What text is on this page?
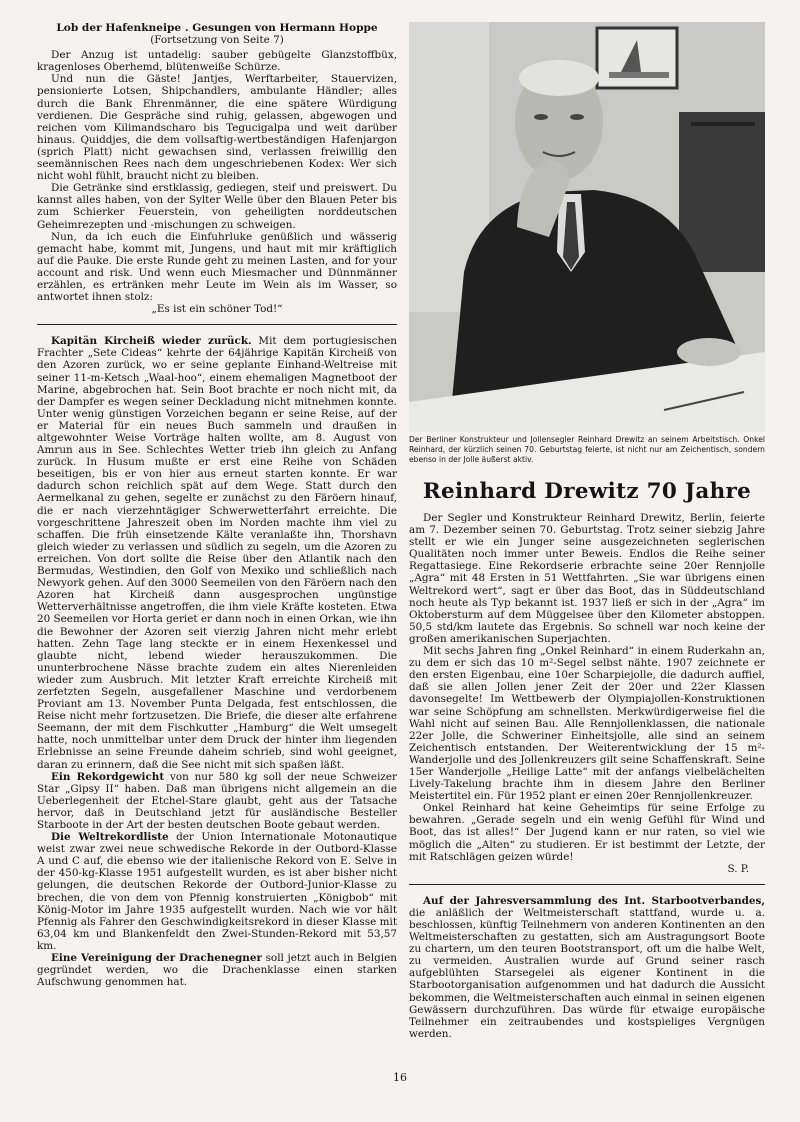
Lob der Hafenkneipe . Gesungen von Hermann Hoppe

(Fortsetzung von Seite 7)

Der Anzug ist untadelig: sauber gebügelte Glanzstoffbüx, kragenloses Oberhemd, blütenweiße Schürze.

Und nun die Gäste! Jantjes, Werftarbeiter, Stauervizen, pensionierte Lotsen, Shipchandlers, ambulante Händler; alles durch die Bank Ehrenmänner, die eine spätere Würdigung verdienen. Die Gespräche sind ruhig, gelassen, abgewogen und reichen vom Kilimandscharo bis Tegucigalpa und weit darüber hinaus. Quiddjes, die dem vollsaftig-wertbeständigen Hafenjargon (sprich Platt) nicht gewachsen sind, verlassen freiwillig den seemännischen Rees nach dem ungeschriebenen Kodex: Wer sich nicht wohl fühlt, braucht nicht zu bleiben.

Die Getränke sind erstklassig, gediegen, steif und preiswert. Du kannst alles haben, von der Sylter Welle über den Blauen Peter bis zum Schierker Feuerstein, von geheiligten norddeutschen Geheimrezepten und -mischungen zu schweigen.

Nun, da ich euch die Einfuhrluke genüßlich und wässerig gemacht habe, kommt mit, Jungens, und haut mit mir kräftiglich auf die Pauke. Die erste Runde geht zu meinen Lasten, and for your account and risk. Und wenn euch Miesmacher und Dünnmänner erzählen, es ertränken mehr Leute im Wein als im Wasser, so antwortet ihnen stolz:

„Es ist ein schöner Tod!“

Kapitän Kircheiß wieder zurück. Mit dem portugiesischen Frachter „Sete Cideas“ kehrte der 64jährige Kapitän Kircheiß von den Azoren zurück, wo er seine geplante Einhand-Weltreise mit seiner 11-m-Ketsch „Waal-hoo“, einem ehemaligen Magnetboot der Marine, abgebrochen hat. Sein Boot brachte er noch nicht mit, da der Dampfer es wegen seiner Deckladung nicht mitnehmen konnte. Unter wenig günstigen Vorzeichen begann er seine Reise, auf der er Material für ein neues Buch sammeln und draußen in altgewohnter Weise Vorträge halten wollte, am 8. August von Amrun aus in See. Schlechtes Wetter trieb ihn gleich zu Anfang zurück. In Husum mußte er erst eine Reihe von Schäden beseitigen, bis er von hier aus erneut starten konnte. Er war dadurch schon reichlich spät auf dem Wege. Statt durch den Aermelkanal zu gehen, segelte er zunächst zu den Färöern hinauf, die er nach vierzehntägiger Schwerwetterfahrt erreichte. Die vorgeschrittene Jahreszeit oben im Norden machte ihm viel zu schaffen. Die früh einsetzende Kälte veranlaßte ihn, Thorshavn gleich wieder zu verlassen und südlich zu segeln, um die Azoren zu erreichen. Von dort sollte die Reise über den Atlantik nach den Bermudas, Westindien, den Golf von Mexiko und schließlich nach Newyork gehen. Auf den 3000 Seemeilen von den Färöern nach den Azoren hat Kircheiß dann ausgesprochen ungünstige Wetterverhältnisse angetroffen, die ihm viele Kräfte kosteten. Etwa 20 Seemeilen vor Horta geriet er dann noch in einen Orkan, wie ihn die Bewohner der Azoren seit vierzig Jahren nicht mehr erlebt hatten. Zehn Tage lang steckte er in einem Hexenkessel und glaubte nicht, lebend wieder herauszukommen. Die ununterbrochene Nässe brachte zudem ein altes Nierenleiden wieder zum Ausbruch. Mit letzter Kraft erreichte Kircheiß mit zerfetzten Segeln, ausgefallener Maschine und verdorbenem Proviant am 13. November Punta Delgada, fest entschlossen, die Reise nicht mehr fortzusetzen. Die Briefe, die dieser alte erfahrene Seemann, der mit dem Fischkutter „Hamburg“ die Welt umsegelt hatte, noch unmittelbar unter dem Druck der hinter ihm liegenden Erlebnisse an seine Freunde daheim schrieb, sind wohl geeignet, daran zu erinnern, daß die See nicht mit sich spaßen läßt.

Ein Rekordgewicht von nur 580 kg soll der neue Schweizer Star „Gipsy II“ haben. Daß man übrigens nicht allgemein an die Ueberlegenheit der Etchel-Stare glaubt, geht aus der Tatsache hervor, daß in Deutschland jetzt für ausländische Besteller Starboote in der Art der besten deutschen Boote gebaut werden.

Die Weltrekordliste der Union Internationale Motonautique weist zwar zwei neue schwedische Rekorde in der Outbord-Klasse A und C auf, die ebenso wie der italienische Rekord von E. Selve in der 450-kg-Klasse 1951 aufgestellt wurden, es ist aber bisher nicht gelungen, die deutschen Rekorde der Outbord-Junior-Klasse zu brechen, die von dem von Pfennig konstruierten „Königbob“ mit König-Motor im Jahre 1935 aufgestellt wurden. Nach wie vor hält Pfennig als Fahrer den Geschwindigkeitsrekord in dieser Klasse mit 63,04 km und Blankenfeldt den Zwei-Stunden-Rekord mit 53,57 km.

Eine Vereinigung der Drachenegner soll jetzt auch in Belgien gegründet werden, wo die Drachenklasse einen starken Aufschwung genommen hat.

Der Berliner Konstrukteur und Jollensegler Reinhard Drewitz an seinem Arbeitstisch. Onkel Reinhard, der kürzlich seinen 70. Geburtstag feierte, ist nicht nur am Zeichentisch, sondern ebenso in der Jolle äußerst aktiv.

Reinhard Drewitz 70 Jahre

Der Segler und Konstrukteur Reinhard Drewitz, Berlin, feierte am 7. Dezember seinen 70. Geburtstag. Trotz seiner siebzig Jahre stellt er wie ein Junger seine ausgezeichneten seglerischen Qualitäten noch immer unter Beweis. Endlos die Reihe seiner Regattasiege. Eine Rekordserie erbrachte seine 20er Rennjolle „Agra“ mit 48 Ersten in 51 Wettfahrten. „Sie war übrigens einen Weltrekord wert“, sagt er über das Boot, das in Süddeutschland noch heute als Typ bekannt ist. 1937 ließ er sich in der „Agra“ im Oktobersturm auf dem Müggelsee über den Kilometer abstoppen. 50,5 std/km lautete das Ergebnis. So schnell war noch keine der großen amerikanischen Superjachten.

Mit sechs Jahren fing „Onkel Reinhard“ in einem Ruderkahn an, zu dem er sich das 10 m²-Segel selbst nähte. 1907 zeichnete er den ersten Eigenbau, eine 10er Scharpiejolle, die dadurch auffiel, daß sie allen Jollen jener Zeit der 20er und 22er Klassen davonsegelte! Im Wettbewerb der Olympiajollen-Konstruktionen war seine Schöpfung am schnellsten. Merkwürdigerweise fiel die Wahl nicht auf seinen Bau. Alle Rennjollenklassen, die nationale 22er Jolle, die Schweriner Einheitsjolle, alle sind an seinem Zeichentisch entstanden. Der Weiterentwicklung der 15 m²-Wanderjolle und des Jollenkreuzers gilt seine Schaffenskraft. Seine 15er Wanderjolle „Heilige Latte“ mit der anfangs vielbelächelten Lively-Takelung brachte ihm in diesem Jahre den Berliner Meistertitel ein. Für 1952 plant er einen 20er Rennjollenkreuzer.

Onkel Reinhard hat keine Geheimtips für seine Erfolge zu bewahren. „Gerade segeln und ein wenig Gefühl für Wind und Boot, das ist alles!“ Der Jugend kann er nur raten, so viel wie möglich die „Alten“ zu studieren. Er ist bestimmt der Letzte, der mit Ratschlägen geizen würde!

S. P.

Auf der Jahresversammlung des Int. Starbootverbandes, die anläßlich der Weltmeisterschaft stattfand, wurde u. a. beschlossen, künftig Teilnehmern von anderen Kontinenten an den Weltmeisterschaften zu gestatten, sich am Austragungsort Boote zu chartern, um den teuren Bootstransport, oft um die halbe Welt, zu vermeiden. Australien wurde auf Grund seiner rasch aufgeblühten Starsegelei als eigener Kontinent in die Starbootorganisation aufgenommen und hat dadurch die Aussicht bekommen, die Weltmeisterschaften auch einmal in seinen eigenen Gewässern durchzuführen. Das würde für etwaige europäische Teilnehmer ein zeitraubendes und kostspieliges Vergnügen werden.

16
